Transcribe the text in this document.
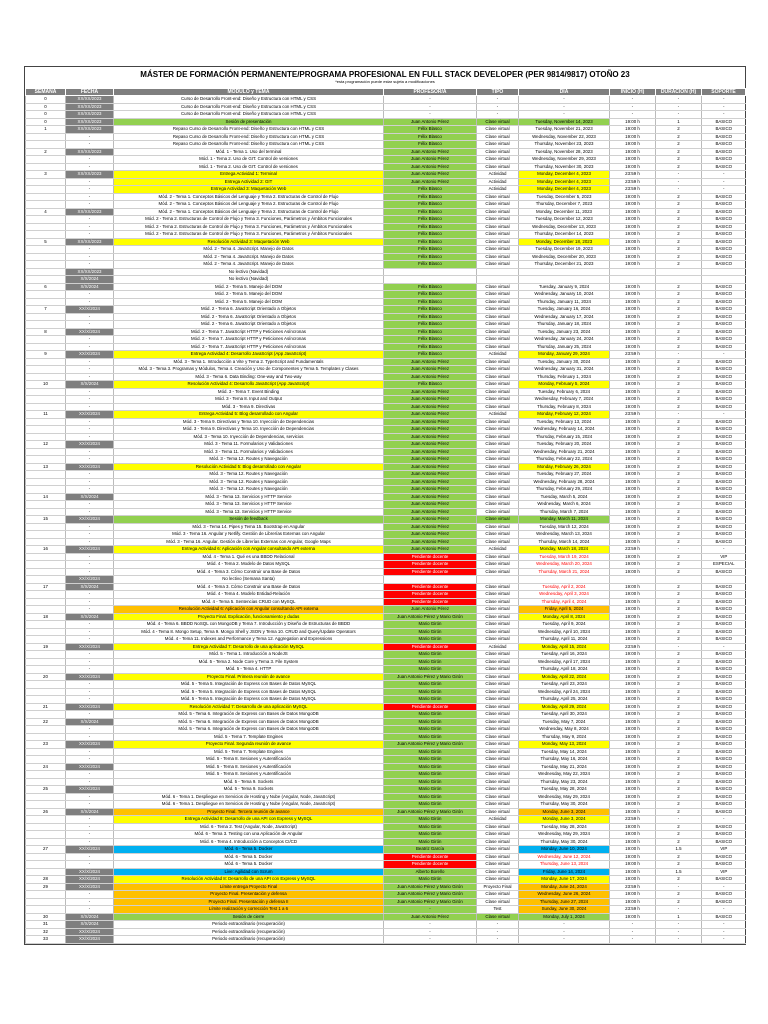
MÁSTER DE FORMACIÓN PERMANENTE/PROGRAMA PROFESIONAL EN FULL STACK DEVELOPER (PER 9814/9817) OTOÑO 23
*esta programación puede estar sujeta a modificaciones
SEMANA	FECHA	MÓDULO y TEMA	PROFESOR/A	TIPO	DÍA	INICIO (H)	DURACIÓN (H)	SOPORTE
0	XX/XX/2023	Curso de Desarrollo Front-end: Diseño y Estructura con HTML y CSS	-	-	-	-	-	-
0	XX/XX/2023	Curso de Desarrollo Front-end: Diseño y Estructura con HTML y CSS	-	-	-	-	-	-
0	XX/XX/2023	Curso de Desarrollo Front-end: Diseño y Estructura con HTML y CSS	-	-	-	-	-	-
0	XX/XX/2023	Sesión de presentación	Juan Antonio Pérez	Clase virtual	Tuesday, November 14, 2023	19:00 h	1	BASICO
1	XX/XX/2023	Repaso Curso de Desarrollo Front-end: Diseño y Estructura con HTML y CSS	Félix Blasco	Clase virtual	Tuesday, November 21, 2023	19:00 h	2	BASICO
	-	Repaso Curso de Desarrollo Front-end: Diseño y Estructura con HTML y CSS	Félix Blasco	Clase virtual	Wednesday, November 22, 2023	19:00 h	2	BASICO
	-	Repaso Curso de Desarrollo Front-end: Diseño y Estructura con HTML y CSS	Félix Blasco	Clase virtual	Thursday, November 23, 2023	19:00 h	2	BASICO
2	XX/XX/2023	Mód. 1 - Tema 1. Uso del terminal	Juan Antonio Pérez	Clase virtual	Tuesday, November 28, 2023	19:00 h	2	BASICO
	-	Mód. 1 - Tema 2. Uso de GIT. Control de versiones	Juan Antonio Pérez	Clase virtual	Wednesday, November 29, 2023	19:00 h	2	BASICO
	-	Mód. 1 - Tema 2. Uso de GIT. Control de versiones	Juan Antonio Pérez	Clase virtual	Thursday, November 30, 2023	19:00 h	2	BASICO
3	XX/XX/2023	Entrega Actividad 1: Terminal	Juan Antonio Pérez	Actividad	Monday, December 4, 2023	23:59 h	-	-
	-	Entrega Actividad 2: GIT	Juan Antonio Pérez	Actividad	Monday, December 4, 2023	23:59 h	-	-
	-	Entrega Actividad 3: Maquetación Web	Félix Blasco	Actividad	Monday, December 4, 2023	23:59 h	-	-
	-	Mód. 2 - Tema 1. Conceptos Básicos del Lenguaje y Tema 2. Estructuras de Control de Flujo	Félix Blasco	Clase virtual	Tuesday, December 5, 2023	19:00 h	2	BASICO
	-	Mód. 2 - Tema 1. Conceptos Básicos del Lenguaje y Tema 2. Estructuras de Control de Flujo	Félix Blasco	Clase virtual	Thursday, December 7, 2023	19:00 h	2	BASICO
4	XX/XX/2023	Mód. 2 - Tema 1. Conceptos Básicos del Lenguaje y Tema 2. Estructuras de Control de Flujo	Félix Blasco	Clase virtual	Monday, December 11, 2023	19:00 h	2	BASICO
	-	Mód. 2 - Tema 2. Estructuras de Control de Flujo y Tema 3. Funciones, Parámetros y Ámbitos Funcionales	Félix Blasco	Clase virtual	Tuesday, December 12, 2023	19:00 h	2	BASICO
	-	Mód. 2 - Tema 2. Estructuras de Control de Flujo y Tema 3. Funciones, Parámetros y Ámbitos Funcionales	Félix Blasco	Clase virtual	Wednesday, December 13, 2023	19:00 h	2	BASICO
	-	Mód. 2 - Tema 2. Estructuras de Control de Flujo y Tema 3. Funciones, Parámetros y Ámbitos Funcionales	Félix Blasco	Clase virtual	Thursday, December 14, 2023	19:00 h	2	BASICO
5	XX/XX/2023	Resolución Actividad 3: Maquetación Web	Félix Blasco	Clase virtual	Monday, December 18, 2023	19:00 h	2	BASICO
	-	Mód. 2 - Tema 4. JavaScript. Manejo de Datos	Félix Blasco	Clase virtual	Tuesday, December 19, 2023	19:00 h	2	BASICO
	-	Mód. 2 - Tema 4. JavaScript. Manejo de Datos	Félix Blasco	Clase virtual	Wednesday, December 20, 2023	19:00 h	2	BASICO
	-	Mód. 2 - Tema 4. JavaScript. Manejo de Datos	Félix Blasco	Clase virtual	Thursday, December 21, 2023	19:00 h	2	BASICO
	XX/XX/2023	No lectivo (Navidad)						
	X/X/2024	No lectivo (Navidad)						
6	X/X/2024	Mód. 2 - Tema 5. Manejo del DOM	Félix Blasco	Clase virtual	Tuesday, January 9, 2024	19:00 h	2	BASICO
	-	Mód. 2 - Tema 5. Manejo del DOM	Félix Blasco	Clase virtual	Wednesday, January 10, 2024	19:00 h	2	BASICO
	-	Mód. 2 - Tema 5. Manejo del DOM	Félix Blasco	Clase virtual	Thursday, January 11, 2024	19:00 h	2	BASICO
7	XX/X/2024	Mód. 2 - Tema 6. JavaScript Orientado a Objetos	Félix Blasco	Clase virtual	Tuesday, January 16, 2024	19:00 h	2	BASICO
	-	Mód. 2 - Tema 6. JavaScript Orientado a Objetos	Félix Blasco	Clase virtual	Wednesday, January 17, 2024	19:00 h	2	BASICO
	-	Mód. 2 - Tema 6. JavaScript Orientado a Objetos	Félix Blasco	Clase virtual	Thursday, January 18, 2024	19:00 h	2	BASICO
8	XX/X/2024	Mód. 2 - Tema 7. JavaScript HTTP y Peticiones Asíncronas	Félix Blasco	Clase virtual	Tuesday, January 23, 2024	19:00 h	2	BASICO
	-	Mód. 2 - Tema 7. JavaScript HTTP y Peticiones Asíncronas	Félix Blasco	Clase virtual	Wednesday, January 24, 2024	19:00 h	2	BASICO
	-	Mód. 2 - Tema 7. JavaScript HTTP y Peticiones Asíncronas	Félix Blasco	Clase virtual	Thursday, January 25, 2024	19:00 h	2	BASICO
9	XX/X/2024	Entrega Actividad 4: Desarrollo JavaScript (App JavaScript)	Félix Blasco	Actividad	Monday, January 29, 2024	23:59 h	-	-
	-	Mód. 3 - Tema 1. Introducción a Vite y Tema 2. TypeScript and Fundamentals	Juan Antonio Pérez	Clase virtual	Tuesday, January 30, 2024	19:00 h	2	BASICO
	-	Mód. 3 - Tema 3. Programas y Módulos, Tema 4. Creación y Uso de Componentes y Tema 5. Templates y Clases	Juan Antonio Pérez	Clase virtual	Wednesday, January 31, 2024	19:00 h	2	BASICO
	-	Mód. 3 - Tema 6. Data Binding: One-way and Two-way	Juan Antonio Pérez	Clase virtual	Thursday, February 1, 2024	19:00 h	2	BASICO
10	X/X/2024	Resolución Actividad 4: Desarrollo JavaScript (App JavaScript)	Félix Blasco	Clase virtual	Monday, February 5, 2024	19:00 h	2	BASICO
	-	Mód. 3 - Tema 7. Event Binding	Juan Antonio Pérez	Clase virtual	Tuesday, February 6, 2024	19:00 h	2	BASICO
	-	Mód. 3 - Tema 8. Input and Output	Juan Antonio Pérez	Clase virtual	Wednesday, February 7, 2024	19:00 h	2	BASICO
	-	Mód. 3 - Tema 9. Directivas	Juan Antonio Pérez	Clase virtual	Thursday, February 8, 2024	19:00 h	2	BASICO
11	XX/X/2024	Entrega Actividad 5: Blog desarrollado con Angular	Juan Antonio Pérez	Actividad	Monday, February 12, 2024	23:59 h	-	-
	-	Mód. 3 - Tema 9. Directivas y Tema 10. Inyección de Dependencias	Juan Antonio Pérez	Clase virtual	Tuesday, February 13, 2024	19:00 h	2	BASICO
	-	Mód. 3 - Tema 9. Directivas y Tema 10. Inyección de Dependencias	Juan Antonio Pérez	Clase virtual	Wednesday, February 14, 2024	19:00 h	2	BASICO
	-	Mód. 3 - Tema 10. Inyección de Dependencias, servicios	Juan Antonio Pérez	Clase virtual	Thursday, February 15, 2024	19:00 h	2	BASICO
12	XX/X/2024	Mód. 3 - Tema 11. Formularios y Validaciones	Juan Antonio Pérez	Clase virtual	Tuesday, February 20, 2024	19:00 h	2	BASICO
	-	Mód. 3 - Tema 11. Formularios y Validaciones	Juan Antonio Pérez	Clase virtual	Wednesday, February 21, 2024	19:00 h	2	BASICO
	-	Mód. 3 - Tema 12. Routes y Navegación	Juan Antonio Pérez	Clase virtual	Thursday, February 22, 2024	19:00 h	2	BASICO
13	XX/X/2024	Resolución Actividad 5: Blog desarrollado con Angular	Juan Antonio Pérez	Clase virtual	Monday, February 26, 2024	19:00 h	2	BASICO
	-	Mód. 3 - Tema 12. Routes y Navegación	Juan Antonio Pérez	Clase virtual	Tuesday, February 27, 2024	19:00 h	2	BASICO
	-	Mód. 3 - Tema 12. Routes y Navegación	Juan Antonio Pérez	Clase virtual	Wednesday, February 28, 2024	19:00 h	2	BASICO
	-	Mód. 3 - Tema 12. Routes y Navegación	Juan Antonio Pérez	Clase virtual	Thursday, February 29, 2024	19:00 h	2	BASICO
14	X/X/2024	Mód. 3 - Tema 13. Servicios y HTTP Service	Juan Antonio Pérez	Clase virtual	Tuesday, March 5, 2024	19:00 h	2	BASICO
	-	Mód. 3 - Tema 13. Servicios y HTTP Service	Juan Antonio Pérez	Clase virtual	Wednesday, March 6, 2024	19:00 h	2	BASICO
	-	Mód. 3 - Tema 13. Servicios y HTTP Service	Juan Antonio Pérez	Clase virtual	Thursday, March 7, 2024	19:00 h	2	BASICO
15	XX/X/2024	Sesión de feedback	Juan Antonio Pérez	Clase virtual	Monday, March 11, 2024	19:00 h	2	BASICO
	-	Mód. 3 - Tema 14. Pipes y Tema 15. Bootstrap en Angular	Juan Antonio Pérez	Clase virtual	Tuesday, March 12, 2024	19:00 h	2	BASICO
	-	Mód. 3 - Tema 16. Angular y Netlify. Gestión de Librerías Externas con Angular	Juan Antonio Pérez	Clase virtual	Wednesday, March 13, 2024	19:00 h	2	BASICO
	-	Mód. 3 - Tema 16. Angular. Gestión de Librerías Externas con Angular, Google Maps	Juan Antonio Pérez	Clase virtual	Thursday, March 14, 2024	19:00 h	2	BASICO
16	XX/X/2024	Entrega Actividad 6: Aplicación con Angular consultando API externa	Juan Antonio Pérez	Actividad	Monday, March 18, 2024	23:59 h	-	-
	-	Mód. 4 - Tema 1. Qué es una BBDD Relacional	Pendiente docente	Clase virtual	Tuesday, March 19, 2024	19:00 h	2	VIP
	-	Mód. 4 - Tema 2. Modelo de Datos MySQL	Pendiente docente	Clase virtual	Wednesday, March 20, 2024	19:00 h	2	ESPECIAL
	-	Mód. 4 - Tema 3. Cómo Construir una Base de Datos	Pendiente docente	Clase virtual	Thursday, March 21, 2024	19:00 h	2	BASICO
	XX/X/2024	No lectivo (Semana Santa)						
17	X/X/2024	Mód. 4 - Tema 3. Cómo Construir una Base de Datos	Pendiente docente	Clase virtual	Tuesday, April 2, 2024	19:00 h	2	BASICO
	-	Mód. 4 - Tema 4. Modelo Entidad-Relación	Pendiente docente	Clase virtual	Wednesday, April 3, 2024	19:00 h	2	BASICO
	-	Mód. 4 - Tema 5. Sentencias CRUD con MySQL	Pendiente docente	Clase virtual	Thursday, April 4, 2024	19:00 h	2	BASICO
	-	Resolución Actividad 6: Aplicación con Angular consultando API externa	Juan Antonio Pérez	Clase virtual	Friday, April 5, 2024	19:00 h	2	BASICO
18	X/X/2024	Proyecto Final. Explicación, funcionamiento y dudas	Juan Antonio Pérez y Mario Girón	Clase virtual	Monday, April 8, 2024	19:00 h	2	BASICO
	-	Mód. 4 - Tema 6. BBDD NoSQL con MongoDB y Tema 7. Introducción y Diseño de Estructuras de BBDD	Mario Girón	Clase virtual	Tuesday, April 9, 2024	19:00 h	2	BASICO
	-	Mód. 4 - Tema 8. Mongo Setup, Tema 9. Mongo Shell y JSON y Tema 10. CRUD and Query/Update Operators	Mario Girón	Clase virtual	Wednesday, April 10, 2024	19:00 h	2	BASICO
	-	Mód. 4 - Tema 11. Indexes and Performance y Tema 12. Aggregation and Expressions	Mario Girón	Clase virtual	Thursday, April 11, 2024	19:00 h	2	BASICO
19	XX/X/2024	Entrega Actividad 7: Desarrollo de una aplicación MySQL	Pendiente docente	Actividad	Monday, April 15, 2024	23:59 h	-	-
	-	Mód. 5 - Tema 1. Introducción a NodeJS	Mario Girón	Clase virtual	Tuesday, April 16, 2024	19:00 h	2	BASICO
	-	Mód. 5 - Tema 2. Node Core y Tema 3. File System	Mario Girón	Clase virtual	Wednesday, April 17, 2024	19:00 h	2	BASICO
	-	Mód. 5 - Tema 4. HTTP	Mario Girón	Clase virtual	Thursday, April 18, 2024	19:00 h	2	BASICO
20	XX/X/2024	Proyecto Final. Primera reunión de avance	Juan Antonio Pérez y Mario Girón	Clase virtual	Monday, April 22, 2024	19:00 h	2	BASICO
	-	Mód. 5 - Tema 5. Integración de Express con Bases de Datos MySQL	Mario Girón	Clase virtual	Tuesday, April 23, 2024	19:00 h	2	BASICO
	-	Mód. 5 - Tema 5. Integración de Express con Bases de Datos MySQL	Mario Girón	Clase virtual	Wednesday, April 24, 2024	19:00 h	2	BASICO
	-	Mód. 5 - Tema 5. Integración de Express con Bases de Datos MySQL	Mario Girón	Clase virtual	Thursday, April 25, 2024	19:00 h	2	BASICO
21	XX/X/2024	Resolución Actividad 7: Desarrollo de una aplicación MySQL	Pendiente docente	Clase virtual	Monday, April 29, 2024	19:00 h	2	BASICO
	-	Mód. 5 - Tema 6. Integración de Express con Bases de Datos MongoDB	Mario Girón	Clase virtual	Tuesday, April 30, 2024	19:00 h	2	BASICO
22	X/X/2024	Mód. 5 - Tema 6. Integración de Express con Bases de Datos MongoDB	Mario Girón	Clase virtual	Tuesday, May 7, 2024	19:00 h	2	BASICO
	-	Mód. 5 - Tema 6. Integración de Express con Bases de Datos MongoDB	Mario Girón	Clase virtual	Wednesday, May 8, 2024	19:00 h	2	BASICO
	-	Mód. 5 - Tema 7. Template Engines	Mario Girón	Clase virtual	Thursday, May 9, 2024	19:00 h	2	BASICO
23	XX/X/2024	Proyecto Final. Segunda reunión de avance	Juan Antonio Pérez y Mario Girón	Clase virtual	Monday, May 13, 2024	19:00 h	2	BASICO
	-	Mód. 5 - Tema 7. Template Engines	Mario Girón	Clase virtual	Tuesday, May 14, 2024	19:00 h	2	BASICO
	-	Mód. 5 - Tema 8. Sesiones y Autentificación	Mario Girón	Clase virtual	Thursday, May 16, 2024	19:00 h	2	BASICO
24	XX/X/2024	Mód. 5 - Tema 8. Sesiones y Autentificación	Mario Girón	Clase virtual	Tuesday, May 21, 2024	19:00 h	2	BASICO
	-	Mód. 5 - Tema 8. Sesiones y Autentificación	Mario Girón	Clase virtual	Wednesday, May 22, 2024	19:00 h	2	BASICO
	-	Mód. 5 - Tema 9. Sockets	Mario Girón	Clase virtual	Thursday, May 23, 2024	19:00 h	2	BASICO
25	XX/X/2024	Mód. 5 - Tema 9. Sockets	Mario Girón	Clase virtual	Tuesday, May 28, 2024	19:00 h	2	BASICO
	-	Mód. 6 - Tema 1. Despliegue en Servicios de Hosting y Nube (Angular, Node, JavaScript)	Mario Girón	Clase virtual	Wednesday, May 29, 2024	19:00 h	2	BASICO
	-	Mód. 6 - Tema 1. Despliegue en Servicios de Hosting y Nube (Angular, Node, JavaScript)	Mario Girón	Clase virtual	Thursday, May 30, 2024	19:00 h	2	BASICO
26	X/X/2024	Proyecto Final. Tercera reunión de avance	Juan Antonio Pérez y Mario Girón	Clase virtual	Monday, June 3, 2024	19:00 h	2	BASICO
	-	Entrega Actividad 8: Desarrollo de una API con Express y MySQL	Mario Girón	Actividad	Monday, June 3, 2024	23:59 h	-	-
	-	Mód. 6 - Tema 2. Test (Angular, Node, JavaScript)	Mario Girón	Clase virtual	Tuesday, May 28, 2024	19:00 h	2	BASICO
	-	Mód. 6 - Tema 3. Testing con una Aplicación de Angular	Mario Girón	Clase virtual	Wednesday, May 29, 2024	19:00 h	2	BASICO
	-	Mód. 6 - Tema 4. Introducción a Conceptos CI/CD	Mario Girón	Clase virtual	Thursday, May 30, 2024	19:00 h	2	BASICO
27	XX/X/2024	Mód. 6 - Tema 5. Docker	Beatriz García	Clase virtual	Monday, June 10, 2024	19:00 h	1.5	VIP
	-	Mód. 6 - Tema 5. Docker	Pendiente docente	Clase virtual	Wednesday, June 12, 2024	19:00 h	2	BASICO
	-	Mód. 6 - Tema 5. Docker	Pendiente docente	Clase virtual	Thursday, June 13, 2024	19:00 h	2	BASICO
	XX/X/2024	Live: Agilidad con Scrum	Alberto Borello	Clase virtual	Friday, June 14, 2024	19:00 h	1.5	VIP
28	XX/X/2024	Resolución Actividad 8: Desarrollo de una API con Express y MySQL	Mario Girón	Clase virtual	Monday, June 17, 2024	19:00 h	2	BASICO
29	XX/X/2024	Límite entrega Proyecto Final	Juan Antonio Pérez y Mario Girón	Proyecto Final	Monday, June 24, 2024	23:59 h	-	-
	-	Proyecto Final. Presentación y defensa	Juan Antonio Pérez y Mario Girón	Clase virtual	Wednesday, June 26, 2024	19:00 h	2	BASICO
	-	Proyecto Final. Presentación y defensa II	Juan Antonio Pérez y Mario Girón	Clase virtual	Thursday, June 27, 2024	19:00 h	2	BASICO
	-	Límite realización y corrección Test 1 a 6	-	Test	Sunday, June 30, 2024	23:59 h	-	-
30	X/X/2024	Sesión de cierre	Juan Antonio Pérez	Clase virtual	Monday, July 1, 2024	19:00 h	1	BASICO
31	X/X/2024	Periodo extraordinario (recuperación)	-	-	-	-	-	-
32	XX/X/2024	Periodo extraordinario (recuperación)	-	-	-	-	-	-
33	XX/X/2024	Periodo extraordinario (recuperación)	-	-	-	-	-	-
